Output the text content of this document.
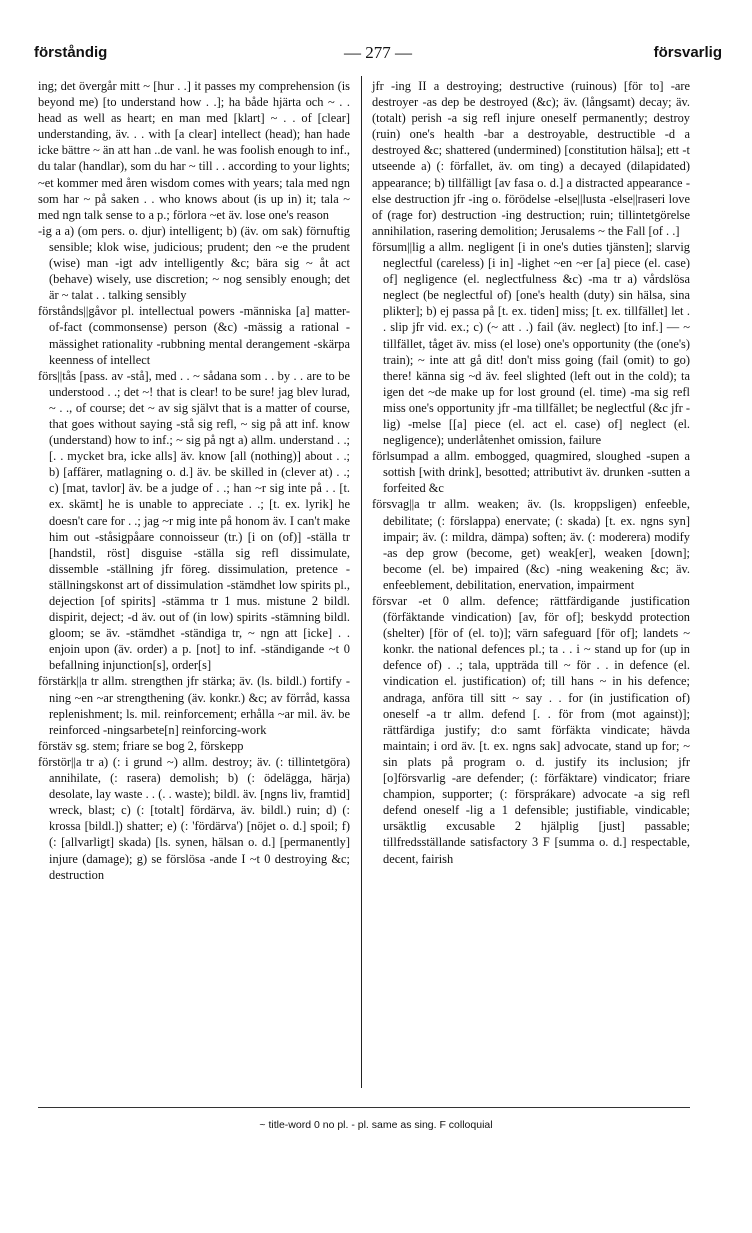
förståndig	— 277 —	försvarlig

ing; det övergår mitt ~ [hur . .] it passes my comprehension (is beyond me) [to understand how . .]; ha både hjärta och ~ . . head as well as heart; en man med [klart] ~ . . of [clear] understanding, äv. . . with [a clear] intellect (head); han hade icke bättre ~ än att han ..de vanl. he was foolish enough to inf., du talar (handlar), som du har ~ till . . according to your lights; ~et kommer med åren wisdom comes with years; tala med ngn som har ~ på saken . . who knows about (is up in) it; tala ~ med ngn talk sense to a p.; förlora ~et äv. lose one's reason

-ig a a) (om pers. o. djur) intelligent; b) (äv. om sak) förnuftig sensible; klok wise, judicious; prudent; den ~e the prudent (wise) man -igt adv intelligently &c; bära sig ~ åt act (behave) wisely, use discretion; ~ nog sensibly enough; det är ~ talat . . talking sensibly

förstånds||gåvor pl. intellectual powers -människa [a] matter-of-fact (commonsense) person (&c) -mässig a rational -mässighet rationality -rubbning mental derangement -skärpa keenness of intellect

förs||tås [pass. av -stå], med . . ~ sådana som . . by . . are to be understood . .; det ~! that is clear! to be sure! jag blev lurad, ~ . ., of course; det ~ av sig självt that is a matter of course, that goes without saying -stå sig refl, ~ sig på att inf. know (understand) how to inf.; ~ sig på ngt a) allm. understand . .; [. . mycket bra, icke alls] äv. know [all (nothing)] about . .; b) [affärer, matlagning o. d.] äv. be skilled in (clever at) . .; c) [mat, tavlor] äv. be a judge of . .; han ~r sig inte på . . [t. ex. skämt] he is unable to appreciate . .; [t. ex. lyrik] he doesn't care for . .; jag ~r mig inte på honom äv. I can't make him out -ståsigpåare connoisseur (tr.) [i on (of)] -ställa tr [handstil, röst] disguise -ställa sig refl dissimulate, dissemble -ställning jfr föreg. dissimulation, pretence -ställningskonst art of dissimulation -stämdhet low spirits pl., dejection [of spirits] -stämma tr 1 mus. mistune 2 bildl. dispirit, deject; -d äv. out of (in low) spirits -stämning bildl. gloom; se äv. -stämdhet -ständiga tr, ~ ngn att [icke] . . enjoin upon (äv. order) a p. [not] to inf. -ständigande ~t 0 befallning injunction[s], order[s]

förstärk||a tr allm. strengthen jfr stärka; äv. (ls. bildl.) fortify -ning ~en ~ar strengthening (äv. konkr.) &c; av förråd, kassa replenishment; ls. mil. reinforcement; erhålla ~ar mil. äv. be reinforced -ningsarbete[n] reinforcing-work

förstäv sg. stem; friare se bog 2, förskepp

förstör||a tr a) (: i grund ~) allm. destroy; äv. (: tillintetgöra) annihilate, (: rasera) demolish; b) (: ödelägga, härja) desolate, lay waste . . (. . waste); bildl. äv. [ngns liv, framtid] wreck, blast; c) (: [totalt] fördärva, äv. bildl.) ruin; d) (: krossa [bildl.]) shatter; e) (: 'fördärva') [nöjet o. d.] spoil; f) (: [allvarligt] skada) [ls. synen, hälsan o. d.] [permanently] injure (damage); g) se förslösa -ande I ~t 0 destroying &c; destruction

jfr -ing II a destroying; destructive (ruinous) [för to] -are destroyer -as dep be destroyed (&c); äv. (långsamt) decay; äv. (totalt) perish -a sig refl injure oneself permanently; destroy (ruin) one's health -bar a destroyable, destructible -d a destroyed &c; shattered (undermined) [constitution hälsa]; ett -t utseende a) (: förfallet, äv. om ting) a decayed (dilapidated) appearance; b) tillfälligt [av fasa o. d.] a distracted appearance -else destruction jfr -ing o. förödelse -else||lusta -else||raseri love of (rage for) destruction -ing destruction; ruin; tillintetgörelse annihilation, rasering demolition; Jerusalems ~ the Fall [of . .]

försum||lig a allm. negligent [i in one's duties tjänsten]; slarvig neglectful (careless) [i in] -lighet ~en ~er [a] piece (el. case) of] negligence (el. neglectfulness &c) -ma tr a) vårdslösa neglect (be neglectful of) [one's health (duty) sin hälsa, sina plikter]; b) ej passa på [t. ex. tiden] miss; [t. ex. tillfället] let . . slip jfr vid. ex.; c) (~ att . .) fail (äv. neglect) [to inf.] — ~ tillfället, tåget äv. miss (el lose) one's opportunity (the (one's) train); ~ inte att gå dit! don't miss going (fail (omit) to go) there! känna sig ~d äv. feel slighted (left out in the cold); ta igen det ~de make up for lost ground (el. time) -ma sig refl miss one's opportunity jfr -ma tillfället; be neglectful (&c jfr -lig) -melse [[a] piece (el. act el. case) of] neglect (el. negligence); underlåtenhet omission, failure

förlsumpad a allm. embogged, quagmired, sloughed -supen a sottish [with drink], besotted; attributivt äv. drunken -sutten a forfeited &c

försvag||a tr allm. weaken; äv. (ls. kroppsligen) enfeeble, debilitate; (: förslappa) enervate; (: skada) [t. ex. ngns syn] impair; äv. (: mildra, dämpa) soften; äv. (: moderera) modify -as dep grow (become, get) weak[er], weaken [down]; become (el. be) impaired (&c) -ning weakening &c; äv. enfeeblement, debilitation, enervation, impairment

försvar -et 0 allm. defence; rättfärdigande justification (förfäktande vindication) [av, för of]; beskydd protection (shelter) [för of (el. to)]; värn safeguard [för of]; landets ~ konkr. the national defences pl.; ta . . i ~ stand up for (up in defence of) . .; tala, uppträda till ~ för . . in defence (el. vindication el. justification) of; till hans ~ in his defence; andraga, anföra till sitt ~ say . . for (in justification of) oneself -a tr allm. defend [. . för from (mot against)]; rättfärdiga justify; d:o samt förfäkta vindicate; hävda maintain; i ord äv. [t. ex. ngns sak] advocate, stand up for; ~ sin plats på program o. d. justify its inclusion; jfr [o]försvarlig -are defender; (: förfäktare) vindicator; friare champion, supporter; (: försprákare) advocate -a sig refl defend oneself -lig a 1 defensible; justifiable, vindicable; ursäktlig excusable 2 hjälplig [just] passable; tillfredsställande satisfactory 3 F [summa o. d.] respectable, decent, fairish

~ title-word 0 no pl. - pl. same as sing. F colloquial
